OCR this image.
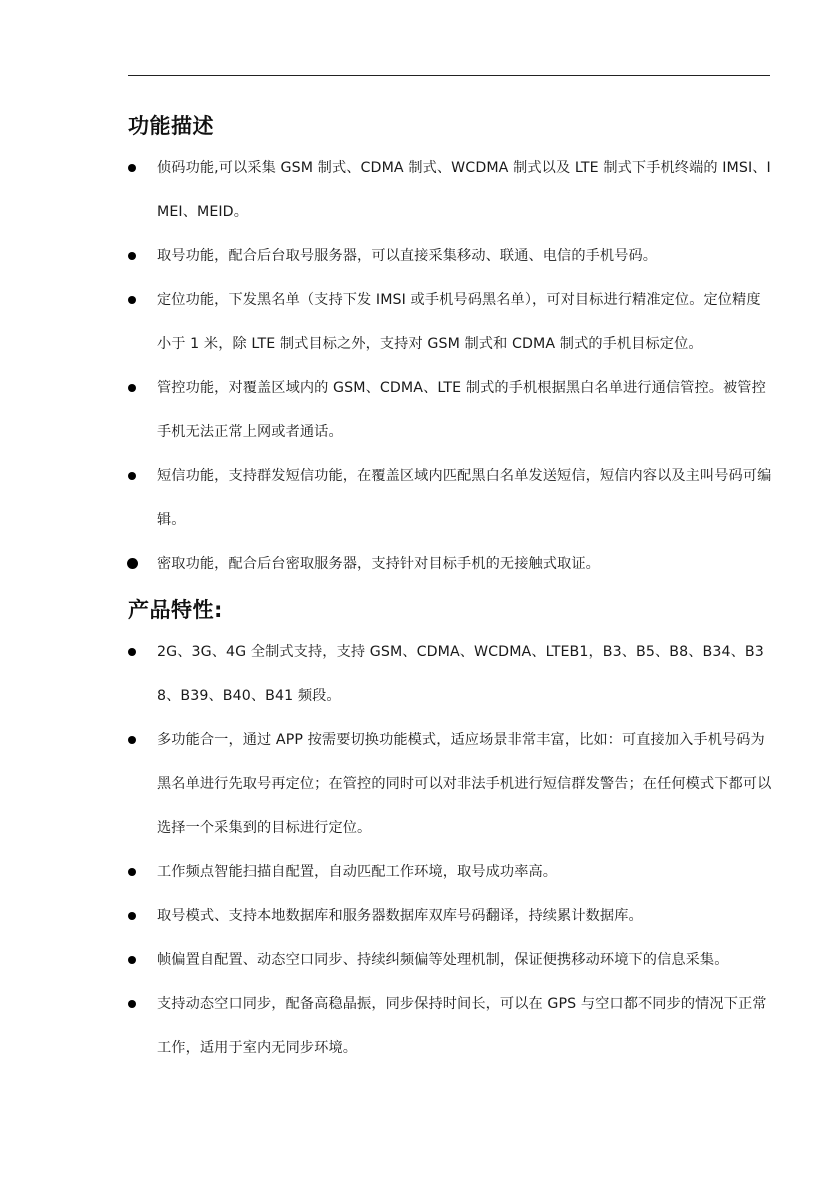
功能描述
侦码功能,可以采集 GSM 制式、CDMA 制式、WCDMA 制式以及 LTE 制式下手机终端的 IMSI、IMEI、MEID。
取号功能，配合后台取号服务器，可以直接采集移动、联通、电信的手机号码。
定位功能，下发黑名单（支持下发 IMSI 或手机号码黑名单），可对目标进行精准定位。定位精度小于 1 米，除 LTE 制式目标之外，支持对 GSM 制式和 CDMA 制式的手机目标定位。
管控功能，对覆盖区域内的 GSM、CDMA、LTE 制式的手机根据黑白名单进行通信管控。被管控手机无法正常上网或者通话。
短信功能，支持群发短信功能，在覆盖区域内匹配黑白名单发送短信，短信内容以及主叫号码可编辑。
密取功能，配合后台密取服务器，支持针对目标手机的无接触式取证。
产品特性:
2G、3G、4G 全制式支持，支持 GSM、CDMA、WCDMA、LTEB1，B3、B5、B8、B34、B38、B39、B40、B41 频段。
多功能合一，通过 APP 按需要切换功能模式，适应场景非常丰富，比如：可直接加入手机号码为黑名单进行先取号再定位；在管控的同时可以对非法手机进行短信群发警告；在任何模式下都可以选择一个采集到的目标进行定位。
工作频点智能扫描自配置，自动匹配工作环境，取号成功率高。
取号模式、支持本地数据库和服务器数据库双库号码翻译，持续累计数据库。
帧偏置自配置、动态空口同步、持续纠频偏等处理机制，保证便携移动环境下的信息采集。
支持动态空口同步，配备高稳晶振，同步保持时间长，可以在 GPS 与空口都不同步的情况下正常工作，适用于室内无同步环境。
